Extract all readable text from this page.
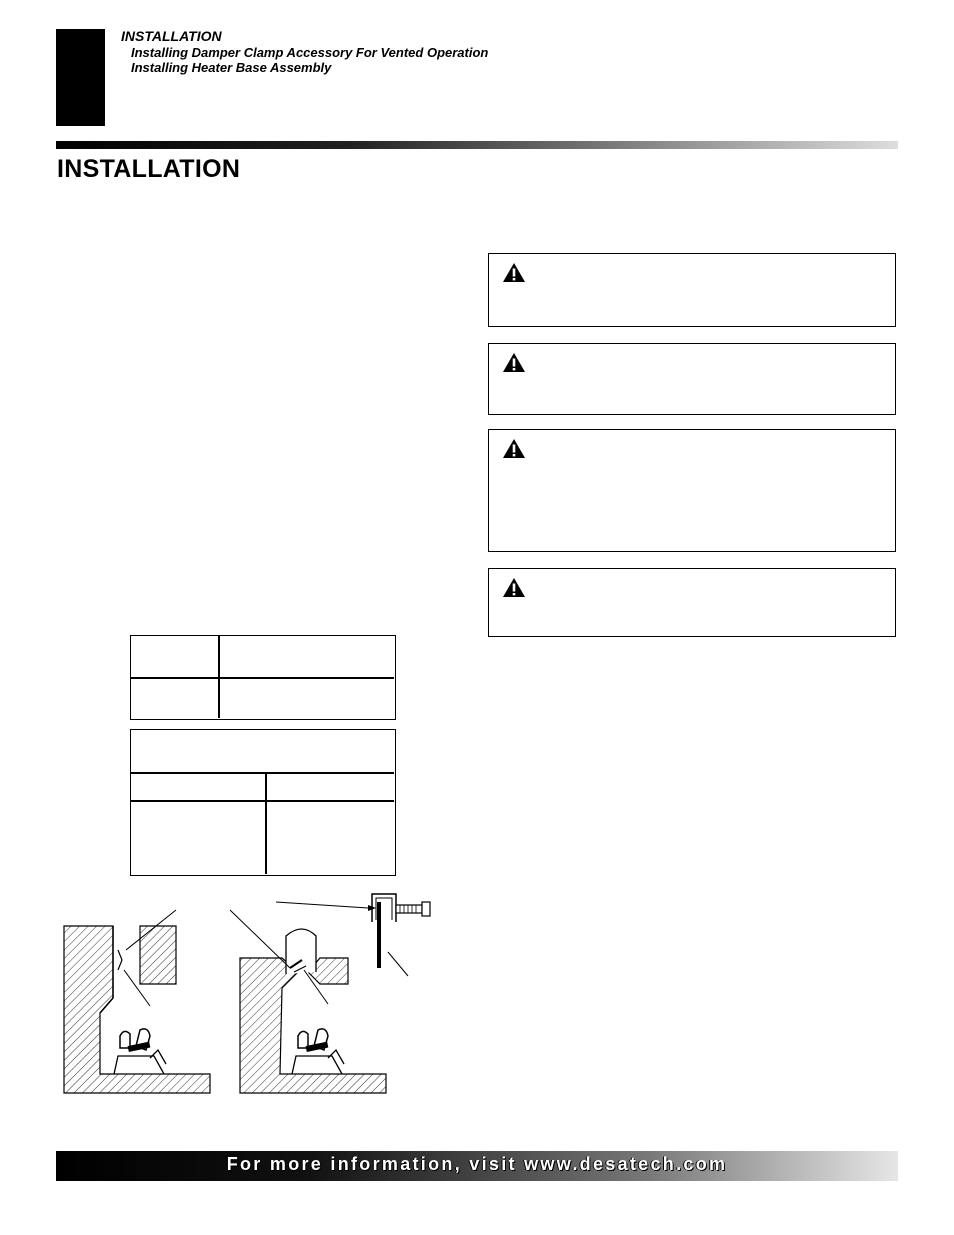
INSTALLATION
Installing Damper Clamp Accessory For Vented Operation
Installing Heater Base Assembly
INSTALLATION
For more information, visit www.desatech.com
